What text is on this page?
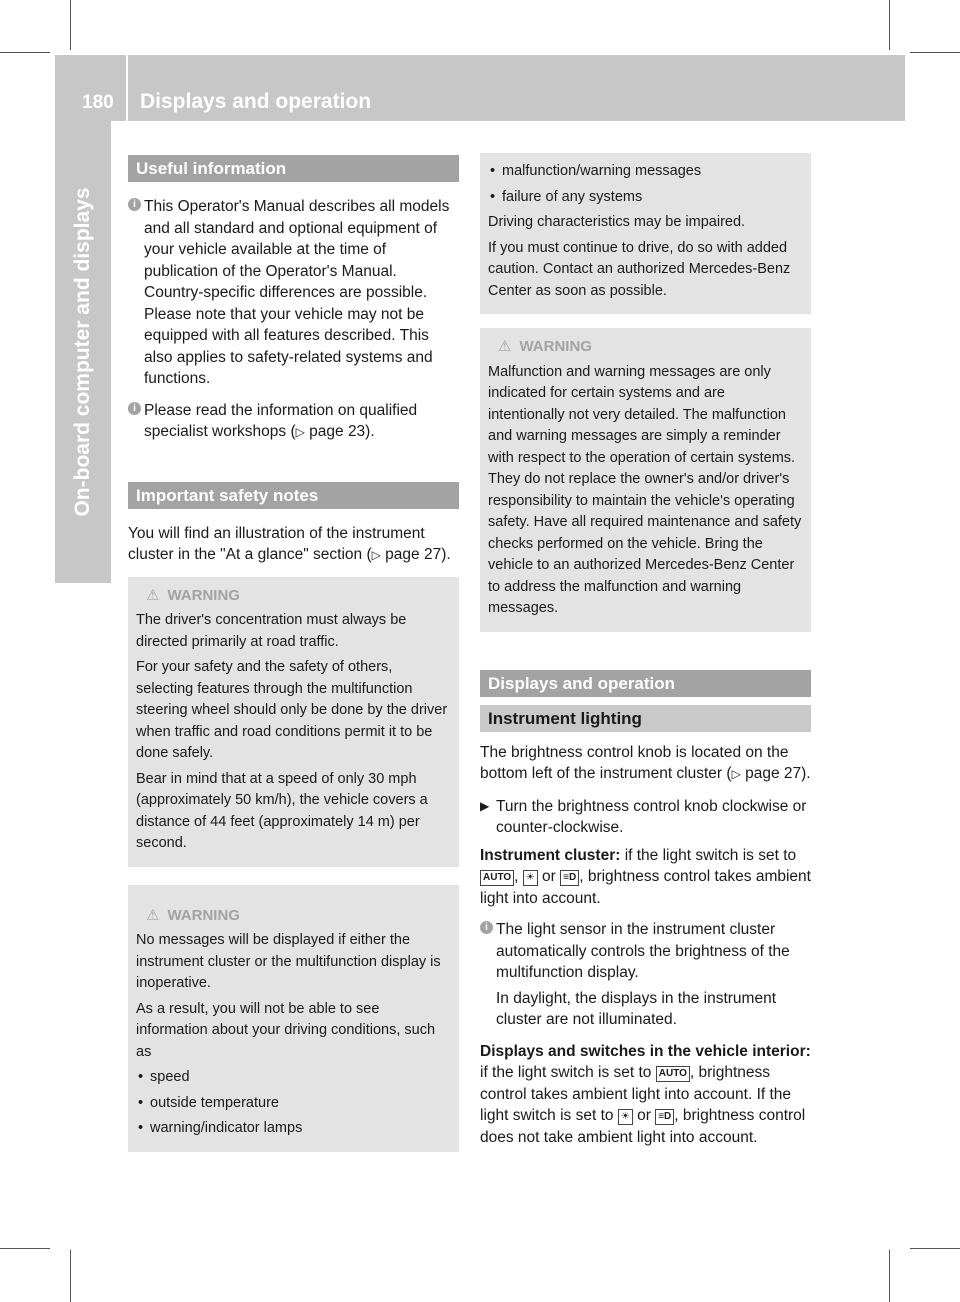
180 Displays and operation
On-board computer and displays
Useful information
i This Operator's Manual describes all models and all standard and optional equipment of your vehicle available at the time of publication of the Operator's Manual. Country-specific differences are possible. Please note that your vehicle may not be equipped with all features described. This also applies to safety-related systems and functions.
i Please read the information on qualified specialist workshops (▷ page 23).
Important safety notes

You will find an illustration of the instrument cluster in the "At a glance" section (▷ page 27).

⚠ WARNING

The driver's concentration must always be directed primarily at road traffic.

For your safety and the safety of others, selecting features through the multifunction steering wheel should only be done by the driver when traffic and road conditions permit it to be done safely.

Bear in mind that at a speed of only 30 mph (approximately 50 km/h), the vehicle covers a distance of 44 feet (approximately 14 m) per second.

⚠ WARNING

No messages will be displayed if either the instrument cluster or the multifunction display is inoperative.

As a result, you will not be able to see information about your driving conditions, such as

• speed
• outside temperature
• warning/indicator lamps
• malfunction/warning messages
• failure of any systems

Driving characteristics may be impaired.

If you must continue to drive, do so with added caution. Contact an authorized Mercedes-Benz Center as soon as possible.

⚠ WARNING

Malfunction and warning messages are only indicated for certain systems and are intentionally not very detailed. The malfunction and warning messages are simply a reminder with respect to the operation of certain systems. They do not replace the owner's and/or driver's responsibility to maintain the vehicle's operating safety. Have all required maintenance and safety checks performed on the vehicle. Bring the vehicle to an authorized Mercedes-Benz Center to address the malfunction and warning messages.

Displays and operation
Instrument lighting

The brightness control knob is located on the bottom left of the instrument cluster (▷ page 27).

▶ Turn the brightness control knob clockwise or counter-clockwise.

Instrument cluster: if the light switch is set to AUTO , ☀ or ≡D , brightness control takes ambient light into account.

i The light sensor in the instrument cluster automatically controls the brightness of the multifunction display.

In daylight, the displays in the instrument cluster are not illuminated.

Displays and switches in the vehicle interior: if the light switch is set to AUTO , brightness control takes ambient light into account. If the light switch is set to ☀ or ≡D , brightness control does not take ambient light into account.
